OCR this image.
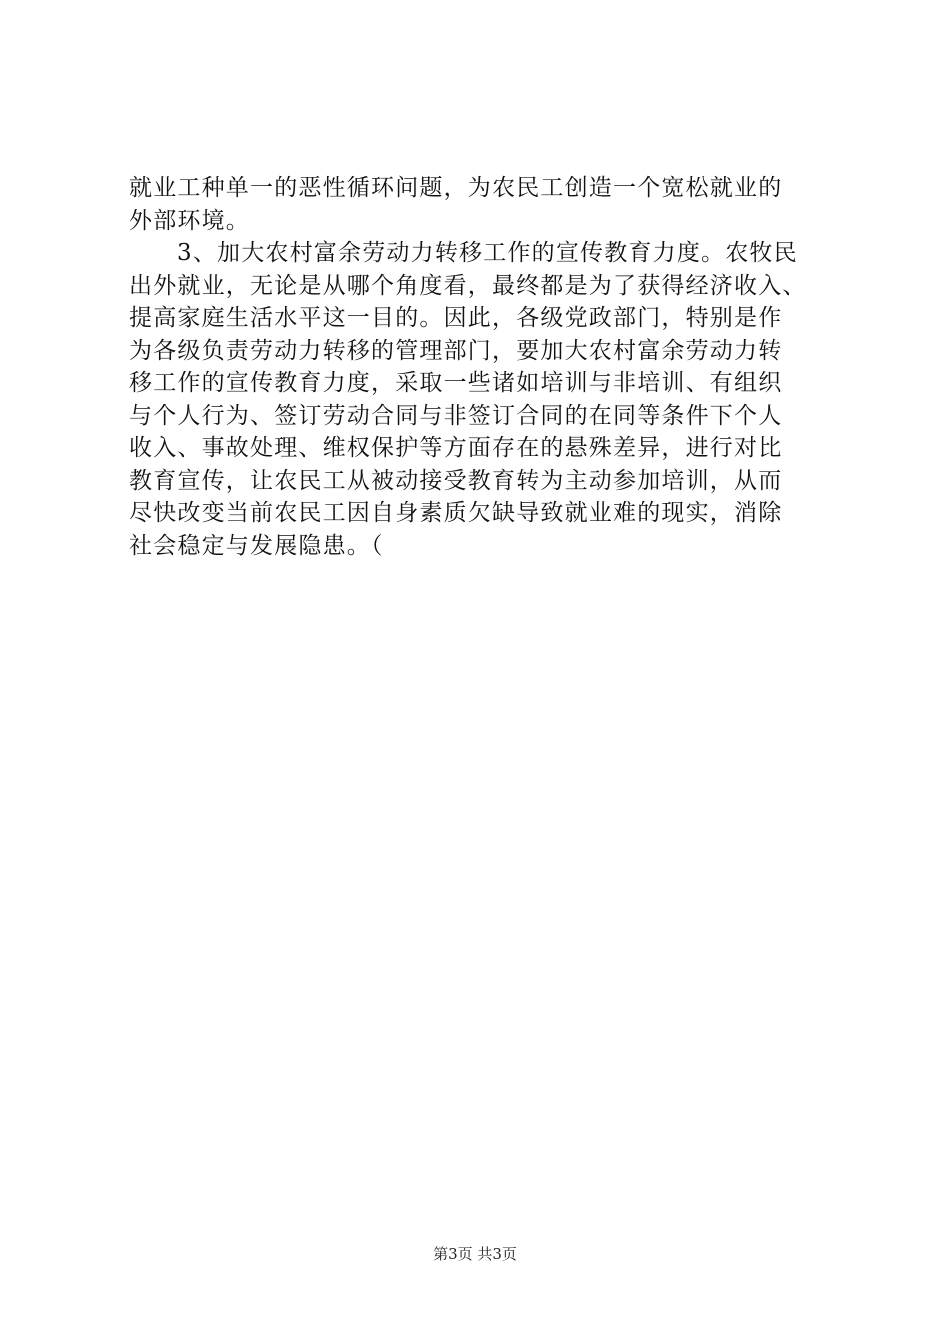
就业工种单一的恶性循环问题，为农民工创造一个宽松就业的
外部环境。
3、加大农村富余劳动力转移工作的宣传教育力度。农牧民
出外就业，无论是从哪个角度看，最终都是为了获得经济收入、
提高家庭生活水平这一目的。因此，各级党政部门，特别是作
为各级负责劳动力转移的管理部门，要加大农村富余劳动力转
移工作的宣传教育力度，采取一些诸如培训与非培训、有组织
与个人行为、签订劳动合同与非签订合同的在同等条件下个人
收入、事故处理、维权保护等方面存在的悬殊差异，进行对比
教育宣传，让农民工从被动接受教育转为主动参加培训，从而
尽快改变当前农民工因自身素质欠缺导致就业难的现实，消除
社会稳定与发展隐患。（
第3页 共3页
